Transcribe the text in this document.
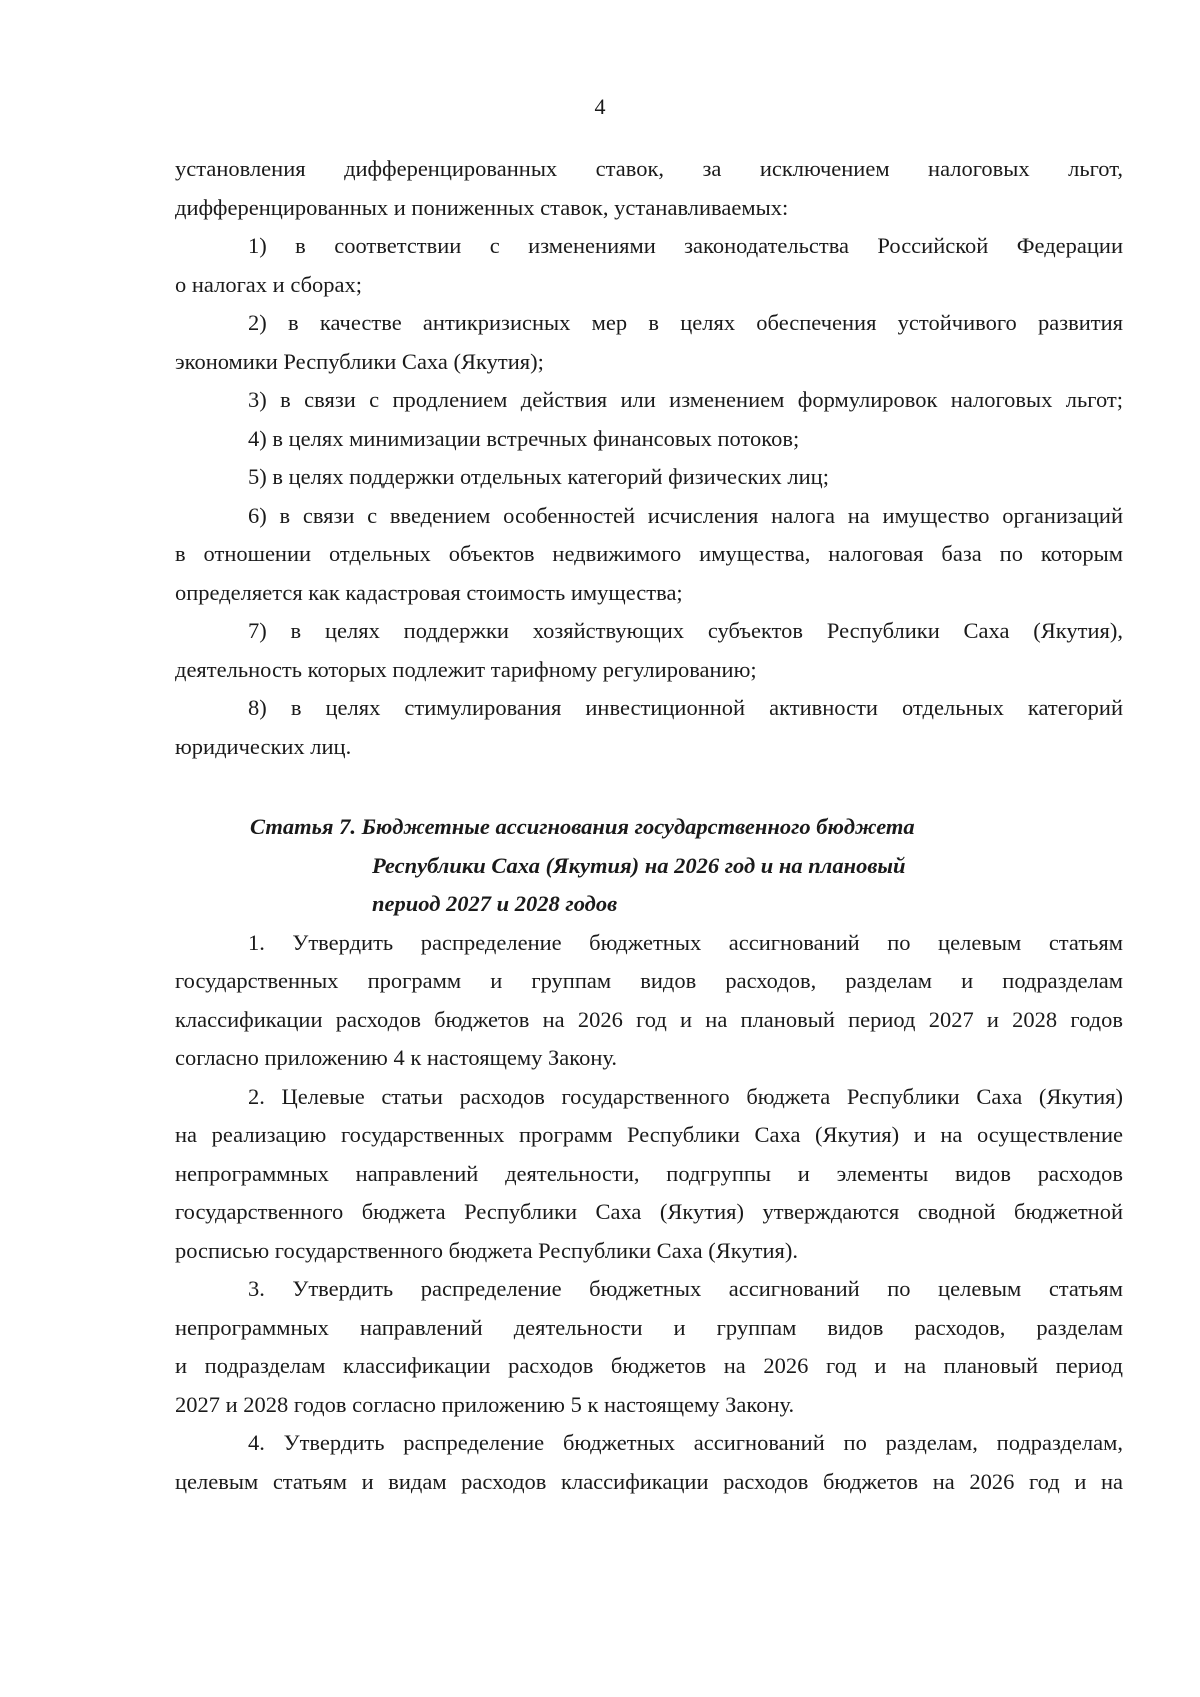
4
установления дифференцированных ставок, за исключением налоговых льгот,
дифференцированных и пониженных ставок, устанавливаемых:
1) в соответствии с изменениями законодательства Российской Федерации
о налогах и сборах;
2) в качестве антикризисных мер в целях обеспечения устойчивого развития
экономики Республики Саха (Якутия);
3) в связи с продлением действия или изменением формулировок налоговых льгот;
4) в целях минимизации встречных финансовых потоков;
5) в целях поддержки отдельных категорий физических лиц;
6) в связи с введением особенностей исчисления налога на имущество организаций
в отношении отдельных объектов недвижимого имущества, налоговая база по которым
определяется как кадастровая стоимость имущества;
7) в целях поддержки хозяйствующих субъектов Республики Саха (Якутия),
деятельность которых подлежит тарифному регулированию;
8) в целях стимулирования инвестиционной активности отдельных категорий
юридических лиц.
Статья 7. Бюджетные ассигнования государственного бюджета
Республики Саха (Якутия) на 2026 год и на плановый
период 2027 и 2028 годов
1. Утвердить распределение бюджетных ассигнований по целевым статьям
государственных программ и группам видов расходов, разделам и подразделам
классификации расходов бюджетов на 2026 год и на плановый период 2027 и 2028 годов
согласно приложению 4 к настоящему Закону.
2. Целевые статьи расходов государственного бюджета Республики Саха (Якутия)
на реализацию государственных программ Республики Саха (Якутия) и на осуществление
непрограммных направлений деятельности, подгруппы и элементы видов расходов
государственного бюджета Республики Саха (Якутия) утверждаются сводной бюджетной
росписью государственного бюджета Республики Саха (Якутия).
3. Утвердить распределение бюджетных ассигнований по целевым статьям
непрограммных направлений деятельности и группам видов расходов, разделам
и подразделам классификации расходов бюджетов на 2026 год и на плановый период
2027 и 2028 годов согласно приложению 5 к настоящему Закону.
4. Утвердить распределение бюджетных ассигнований по разделам, подразделам,
целевым статьям и видам расходов классификации расходов бюджетов на 2026 год и на
